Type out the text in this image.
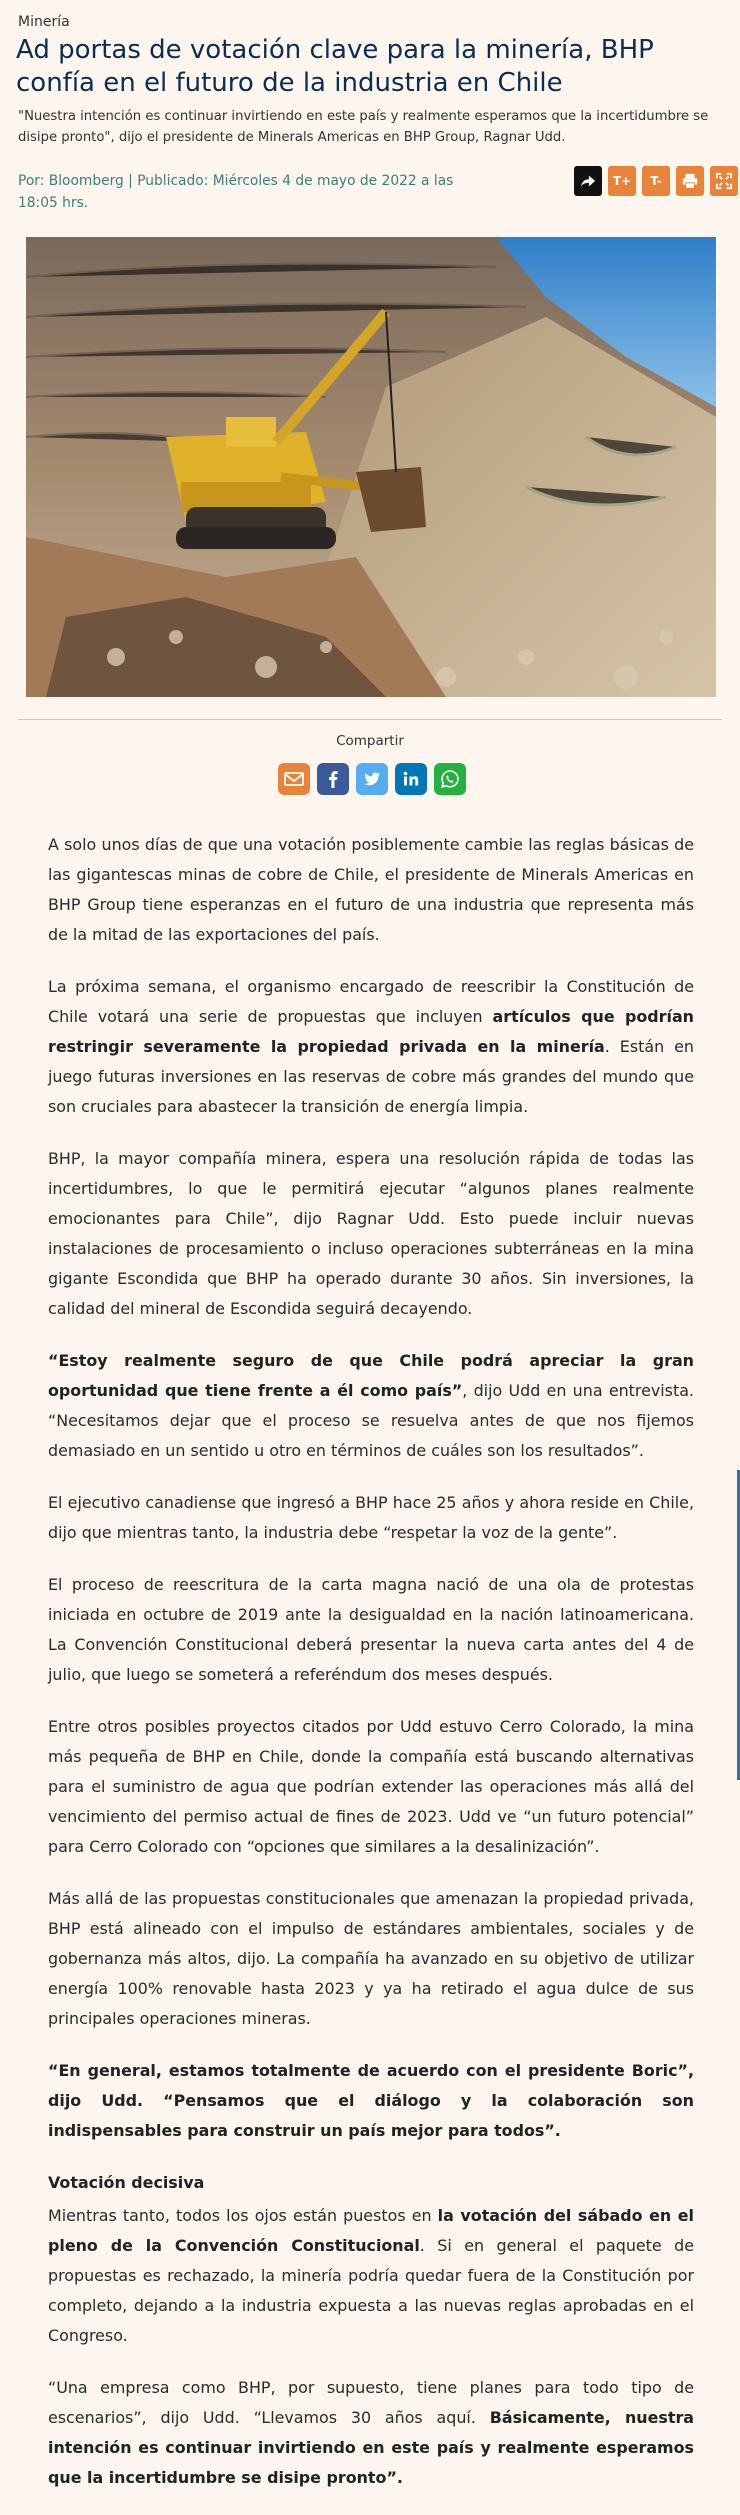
Minería
Ad portas de votación clave para la minería, BHP confía en el futuro de la industria en Chile

"Nuestra intención es continuar invirtiendo en este país y realmente esperamos que la incertidumbre se disipe pronto", dijo el presidente de Minerals Americas en BHP Group, Ragnar Udd.

Por: Bloomberg | Publicado: Miércoles 4 de mayo de 2022 a las 18:05 hrs.
T+	T-
Compartir

A solo unos días de que una votación posiblemente cambie las reglas básicas de las gigantescas minas de cobre de Chile, el presidente de Minerals Americas en BHP Group tiene esperanzas en el futuro de una industria que representa más de la mitad de las exportaciones del país.

La próxima semana, el organismo encargado de reescribir la Constitución de Chile votará una serie de propuestas que incluyen artículos que podrían restringir severamente la propiedad privada en la minería. Están en juego futuras inversiones en las reservas de cobre más grandes del mundo que son cruciales para abastecer la transición de energía limpia.

BHP, la mayor compañía minera, espera una resolución rápida de todas las incertidumbres, lo que le permitirá ejecutar “algunos planes realmente emocionantes para Chile”, dijo Ragnar Udd. Esto puede incluir nuevas instalaciones de procesamiento o incluso operaciones subterráneas en la mina gigante Escondida que BHP ha operado durante 30 años. Sin inversiones, la calidad del mineral de Escondida seguirá decayendo.

“Estoy realmente seguro de que Chile podrá apreciar la gran oportunidad que tiene frente a él como país”, dijo Udd en una entrevista. “Necesitamos dejar que el proceso se resuelva antes de que nos fijemos demasiado en un sentido u otro en términos de cuáles son los resultados”.

El ejecutivo canadiense que ingresó a BHP hace 25 años y ahora reside en Chile, dijo que mientras tanto, la industria debe “respetar la voz de la gente”.

El proceso de reescritura de la carta magna nació de una ola de protestas iniciada en octubre de 2019 ante la desigualdad en la nación latinoamericana. La Convención Constitucional deberá presentar la nueva carta antes del 4 de julio, que luego se someterá a referéndum dos meses después.

Entre otros posibles proyectos citados por Udd estuvo Cerro Colorado, la mina más pequeña de BHP en Chile, donde la compañía está buscando alternativas para el suministro de agua que podrían extender las operaciones más allá del vencimiento del permiso actual de fines de 2023. Udd ve “un futuro potencial” para Cerro Colorado con “opciones que similares a la desalinización”.

Más allá de las propuestas constitucionales que amenazan la propiedad privada, BHP está alineado con el impulso de estándares ambientales, sociales y de gobernanza más altos, dijo. La compañía ha avanzado en su objetivo de utilizar energía 100% renovable hasta 2023 y ya ha retirado el agua dulce de sus principales operaciones mineras.

“En general, estamos totalmente de acuerdo con el presidente Boric”, dijo Udd. “Pensamos que el diálogo y la colaboración son indispensables para construir un país mejor para todos”.

Votación decisiva

Mientras tanto, todos los ojos están puestos en la votación del sábado en el pleno de la Convención Constitucional. Si en general el paquete de propuestas es rechazado, la minería podría quedar fuera de la Constitución por completo, dejando a la industria expuesta a las nuevas reglas aprobadas en el Congreso.

“Una empresa como BHP, por supuesto, tiene planes para todo tipo de escenarios”, dijo Udd. “Llevamos 30 años aquí. Básicamente, nuestra intención es continuar invirtiendo en este país y realmente esperamos que la incertidumbre se disipe pronto”.
